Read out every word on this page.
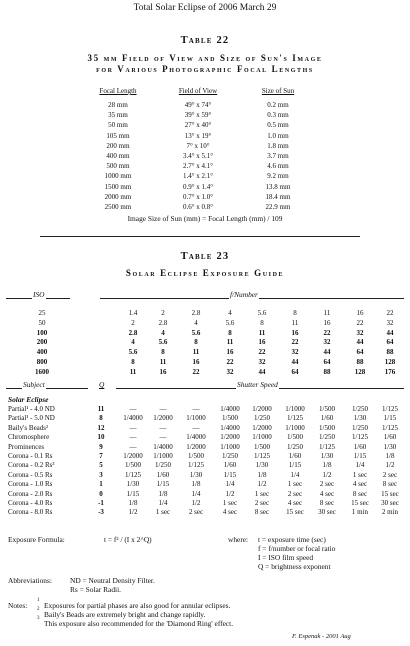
Total Solar Eclipse of 2006 March 29
Table 22
35 mm Field of View and Size of Sun's Image
for Various Photographic Focal Lengths
Focal Length	Field of View	Size of Sun
28 mm	49° x 74°	0.2 mm
35 mm	39° x 59°	0.3 mm
50 mm	27° x 40°	0.5 mm
105 mm	13° x 19°	1.0 mm
200 mm	7° x 10°	1.8 mm
400 mm	3.4° x 5.1°	3.7 mm
500 mm	2.7° x 4.1°	4.6 mm
1000 mm	1.4° x 2.1°	9.2 mm
1500 mm	0.9° x 1.4°	13.8 mm
2000 mm	0.7° x 1.0°	18.4 mm
2500 mm	0.6° x 0.8°	22.9 mm
Image Size of Sun (mm) = Focal Length (mm) / 109
Table 23
Solar Eclipse Exposure Guide
ISO	f/Number
25	1.4	2	2.8	4	5.6	8	11	16	22
50	2	2.8	4	5.6	8	11	16	22	32
100	2.8	4	5.6	8	11	16	22	32	44
200	4	5.6	8	11	16	22	32	44	64
400	5.6	8	11	16	22	32	44	64	88
800	8	11	16	22	32	44	64	88	128
1600	11	16	22	32	44	64	88	128	176
Subject	Q	Shutter Speed
Solar Eclipse
Partial¹ - 4.0 ND	11	—	—	—	1/4000	1/2000	1/1000	1/500	1/250	1/125
Partial¹ - 5.0 ND	8	1/4000	1/2000	1/1000	1/500	1/250	1/125	1/60	1/30	1/15
Baily's Beads²	12	—	—	—	1/4000	1/2000	1/1000	1/500	1/250	1/125
Chromosphere	10	—	—	1/4000	1/2000	1/1000	1/500	1/250	1/125	1/60
Prominences	9	—	1/4000	1/2000	1/1000	1/500	1/250	1/125	1/60	1/30
Corona - 0.1 Rs	7	1/2000	1/1000	1/500	1/250	1/125	1/60	1/30	1/15	1/8
Corona - 0.2 Rs³	5	1/500	1/250	1/125	1/60	1/30	1/15	1/8	1/4	1/2
Corona - 0.5 Rs	3	1/125	1/60	1/30	1/15	1/8	1/4	1/2	1 sec	2 sec
Corona - 1.0 Rs	1	1/30	1/15	1/8	1/4	1/2	1 sec	2 sec	4 sec	8 sec
Corona - 2.0 Rs	0	1/15	1/8	1/4	1/2	1 sec	2 sec	4 sec	8 sec	15 sec
Corona - 4.0 Rs	-1	1/8	1/4	1/2	1 sec	2 sec	4 sec	8 sec	15 sec	30 sec
Corona - 8.0 Rs	-3	1/2	1 sec	2 sec	4 sec	8 sec	15 sec	30 sec	1 min	2 min
Exposure Formula:	t = f² / (I x 2^Q)	where: t = exposure time (sec)
f = f/number or focal ratio
I = ISO film speed
Q = brightness exponent
Abbreviations: ND = Neutral Density Filter.
Rs = Solar Radii.
Notes:
$^1$
Exposures for partial phases are also good for annular eclipses.
$^2$
Baily's Beads are extremely bright and change rapidly.
$^3$
This exposure also recommended for the 'Diamond Ring' effect.
F. Espenak - 2001 Aug
